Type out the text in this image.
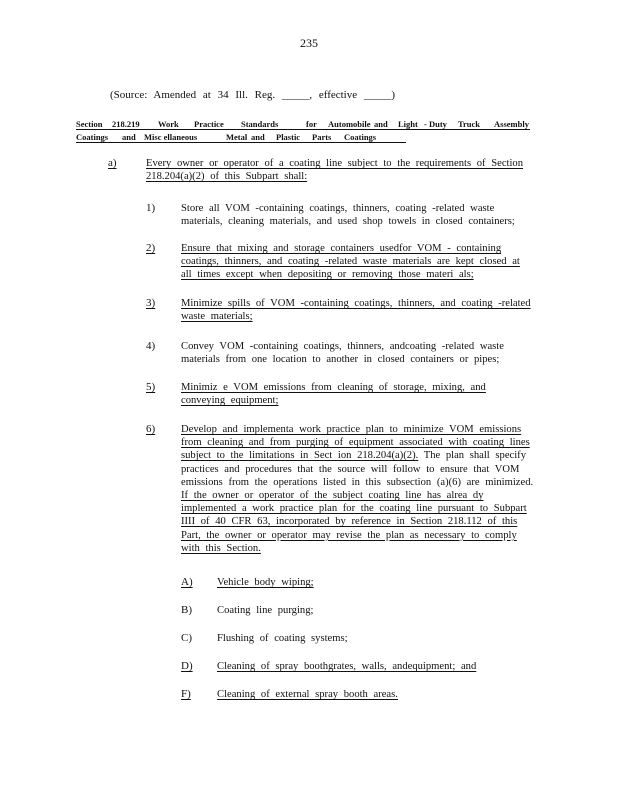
235
(Source: Amended at 34 Ill. Reg. _____, effective _____)
Section 218.219 Work Practice Standards	for Automobile and Light - Duty Truck Assembly
Coatings and Misc ellaneous	Metal and Plastic Parts Coatings
a)	Every owner or operator of a coating line subject to the requirements of Section 218.204(a)(2) of this Subpart shall:
1) Store all VOM -containing coatings, thinners, coating -related waste materials, cleaning materials, and used shop towels in closed containers;
2) Ensure that mixing and storage containers usedfor VOM - containing coatings, thinners, and coating -related waste materials are kept closed at all times except when depositing or removing those materi als;
3) Minimize spills of VOM -containing coatings, thinners, and coating -related waste materials;
4) Convey VOM -containing coatings, thinners, andcoating -related waste materials from one location to another in closed containers or pipes;
5) Minimiz e VOM emissions from cleaning of storage, mixing, and conveying equipment;
6) Develop and implementa work practice plan to minimize VOM emissions from cleaning and from purging of equipment associated with coating lines subject to the limitations in Sect ion 218.204(a)(2). The plan shall specify practices and procedures that the source will follow to ensure that VOM emissions from the operations listed in this subsection (a)(6) are minimized. If the owner or operator of the subject coating line has alrea dy implemented a work practice plan for the coating line pursuant to Subpart IIII of 40 CFR 63, incorporated by reference in Section 218.112 of this Part, the owner or operator may revise the plan as necessary to comply with this Section.
A) Vehicle body wiping;
B) Coating line purging;
C) Flushing of coating systems;
D) Cleaning of spray boothgrates, walls, andequipment; and
F) Cleaning of external spray booth areas.
